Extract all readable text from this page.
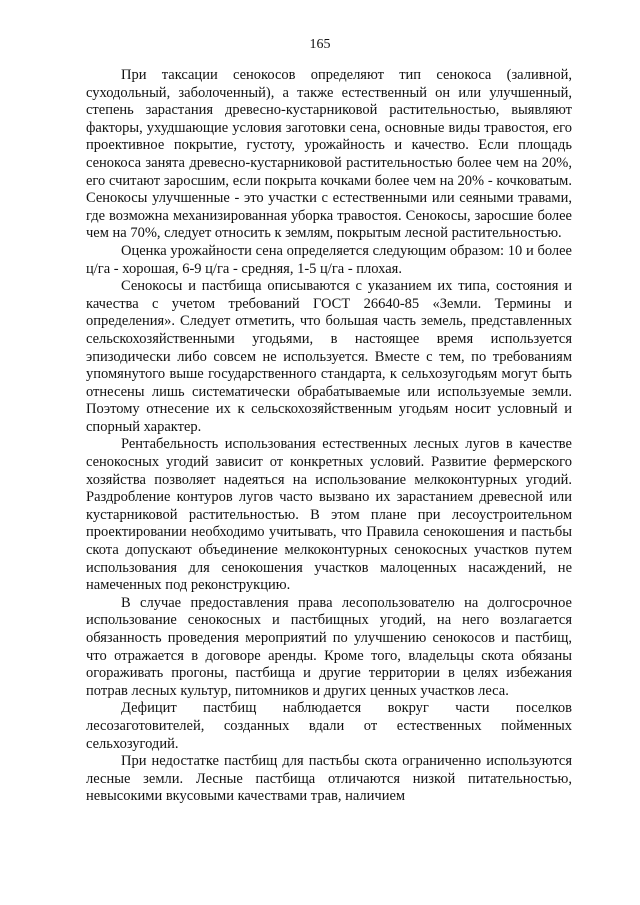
165

При таксации сенокосов определяют тип сенокоса (заливной, суходольный, заболоченный), а также естественный он или улучшенный, степень зарастания древесно-кустарниковой растительностью, выявляют факторы, ухудшающие условия заготовки сена, основные виды травостоя, его проективное покрытие, густоту, урожайность и качество. Если площадь сенокоса занята древесно-кустарниковой растительностью более чем на 20%, его считают заросшим, если покрыта кочками более чем на 20% - кочковатым. Сенокосы улучшенные - это участки с естественными или сеяными травами, где возможна механизированная уборка травостоя. Сенокосы, заросшие более чем на 70%, следует относить к землям, покрытым лесной растительностью.

Оценка урожайности сена определяется следующим образом: 10 и более ц/га - хорошая, 6-9 ц/га - средняя, 1-5 ц/га - плохая.

Сенокосы и пастбища описываются с указанием их типа, состояния и качества с учетом требований ГОСТ 26640-85 «Земли. Термины и определения». Следует отметить, что большая часть земель, представленных сельскохозяйственными угодьями, в настоящее время используется эпизодически либо совсем не используется. Вместе с тем, по требованиям упомянутого выше государственного стандарта, к сельхозугодьям могут быть отнесены лишь систематически обрабатываемые или используемые земли. Поэтому отнесение их к сельскохозяйственным угодьям носит условный и спорный характер.

Рентабельность использования естественных лесных лугов в качестве сенокосных угодий зависит от конкретных условий. Развитие фермерского хозяйства позволяет надеяться на использование мелкоконтурных угодий. Раздробление контуров лугов часто вызвано их зарастанием древесной или кустарниковой растительностью. В этом плане при лесоустроительном проектировании необходимо учитывать, что Правила сенокошения и пастьбы скота допускают объединение мелкоконтурных сенокосных участков путем использования для сенокошения участков малоценных насаждений, не намеченных под реконструкцию.

В случае предоставления права лесопользователю на долгосрочное использование сенокосных и пастбищных угодий, на него возлагается обязанность проведения мероприятий по улучшению сенокосов и пастбищ, что отражается в договоре аренды. Кроме того, владельцы скота обязаны огораживать прогоны, пастбища и другие территории в целях избежания потрав лесных культур, питомников и других ценных участков леса.

Дефицит пастбищ наблюдается вокруг части поселков лесозаготовителей, созданных вдали от естественных пойменных сельхозугодий.

При недостатке пастбищ для пастьбы скота ограниченно используются лесные земли. Лесные пастбища отличаются низкой питательностью, невысокими вкусовыми качествами трав, наличием
